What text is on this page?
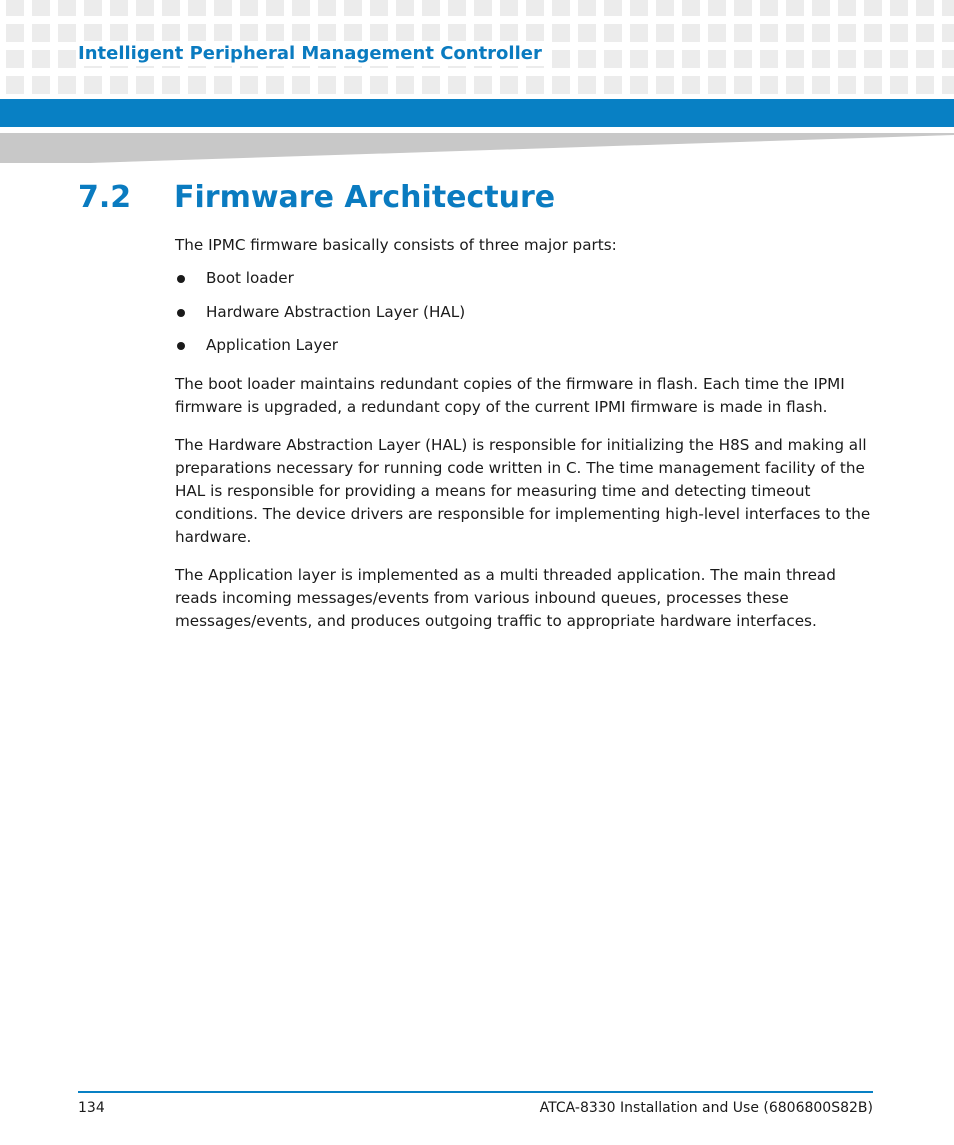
Intelligent Peripheral Management Controller
7.2 Firmware Architecture

The IPMC firmware basically consists of three major parts:

Boot loader
Hardware Abstraction Layer (HAL)
Application Layer

The boot loader maintains redundant copies of the firmware in flash. Each time the IPMI firmware is upgraded, a redundant copy of the current IPMI firmware is made in flash.

The Hardware Abstraction Layer (HAL) is responsible for initializing the H8S and making all preparations necessary for running code written in C. The time management facility of the HAL is responsible for providing a means for measuring time and detecting timeout conditions. The device drivers are responsible for implementing high-level interfaces to the hardware.

The Application layer is implemented as a multi threaded application. The main thread reads incoming messages/events from various inbound queues, processes these messages/events, and produces outgoing traffic to appropriate hardware interfaces.

134	ATCA-8330 Installation and Use (6806800S82B)
